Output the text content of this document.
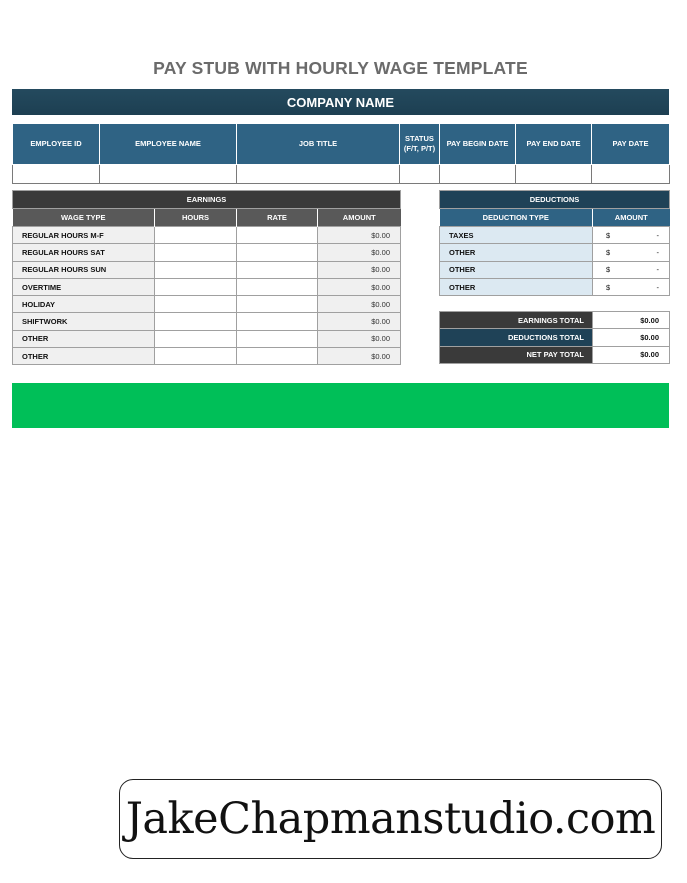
PAY STUB WITH HOURLY WAGE TEMPLATE
COMPANY NAME
EMPLOYEE ID	EMPLOYEE NAME	JOB TITLE	STATUS (F/T, P/T)	PAY BEGIN DATE	PAY END DATE	PAY DATE

EARNINGS			
WAGE TYPE	HOURS	RATE	AMOUNT
REGULAR HOURS M-F			$0.00
REGULAR HOURS SAT			$0.00
REGULAR HOURS SUN			$0.00
OVERTIME			$0.00
HOLIDAY			$0.00
SHIFTWORK			$0.00
OTHER			$0.00
OTHER			$0.00
DEDUCTIONS	
DEDUCTION TYPE	AMOUNT
TAXES	$ -

OTHER	$ -

OTHER	$ -

OTHER	$ -
EARNINGS TOTAL	$0.00
DEDUCTIONS TOTAL	$0.00
NET PAY TOTAL	$0.00
JakeChapmanstudio.com
